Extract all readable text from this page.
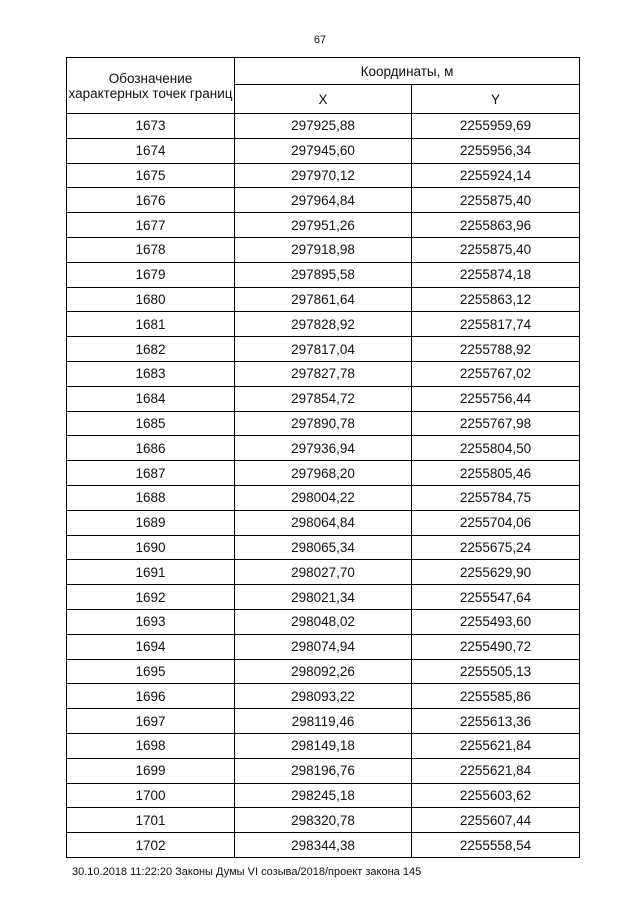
67
Обозначение характерных точек границ	Координаты, м	
	X	Y
1673	297925,88	2255959,69
1674	297945,60	2255956,34
1675	297970,12	2255924,14
1676	297964,84	2255875,40
1677	297951,26	2255863,96
1678	297918,98	2255875,40
1679	297895,58	2255874,18
1680	297861,64	2255863,12
1681	297828,92	2255817,74
1682	297817,04	2255788,92
1683	297827,78	2255767,02
1684	297854,72	2255756,44
1685	297890,78	2255767,98
1686	297936,94	2255804,50
1687	297968,20	2255805,46
1688	298004,22	2255784,75
1689	298064,84	2255704,06
1690	298065,34	2255675,24
1691	298027,70	2255629,90
1692	298021,34	2255547,64
1693	298048,02	2255493,60
1694	298074,94	2255490,72
1695	298092,26	2255505,13
1696	298093,22	2255585,86
1697	298119,46	2255613,36
1698	298149,18	2255621,84
1699	298196,76	2255621,84
1700	298245,18	2255603,62
1701	298320,78	2255607,44
1702	298344,38	2255558,54
30.10.2018 11:22:20 Законы Думы VI созыва/2018/проект закона 145
